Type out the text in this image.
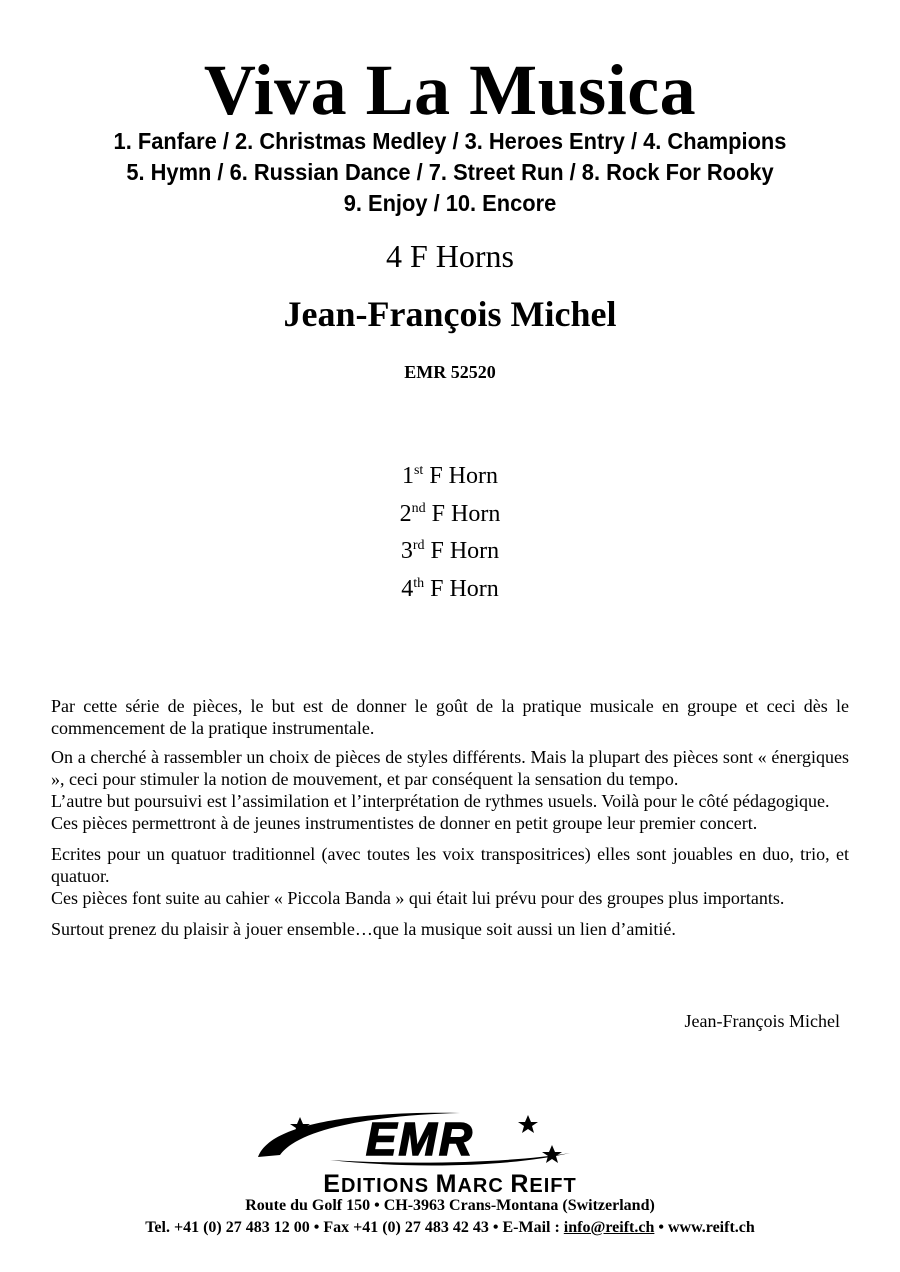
Viva La Musica
1. Fanfare / 2. Christmas Medley / 3. Heroes Entry / 4. Champions
5. Hymn / 6. Russian Dance / 7. Street Run / 8. Rock For Rooky
9. Enjoy / 10. Encore
4 F Horns
Jean-François Michel
EMR 52520
1st F Horn
2nd F Horn
3rd F Horn
4th F Horn

Par cette série de pièces, le but est de donner le goût de la pratique musicale en groupe et ceci dès le commencement de la pratique instrumentale.

On a cherché à rassembler un choix de pièces de styles différents. Mais la plupart des pièces sont « énergiques », ceci pour stimuler la notion de mouvement, et par conséquent la sensation du tempo.
L’autre but poursuivi est l’assimilation et l’interprétation de rythmes usuels. Voilà pour le côté pédagogique.
Ces pièces permettront à de jeunes instrumentistes de donner en petit groupe leur premier concert.
Ecrites pour un quatuor traditionnel (avec toutes les voix transpositrices) elles sont jouables en duo, trio, et quatuor.
Ces pièces font suite au cahier « Piccola Banda » qui était lui prévu pour des groupes plus importants.
Surtout prenez du plaisir à jouer ensemble…que la musique soit aussi un lien d’amitié.
Jean-François Michel
EMR
EDITIONS MARC REIFT
Route du Golf 150 • CH-3963 Crans-Montana (Switzerland)
Tel. +41 (0) 27 483 12 00 • Fax +41 (0) 27 483 42 43 • E-Mail : info@reift.ch • www.reift.ch
